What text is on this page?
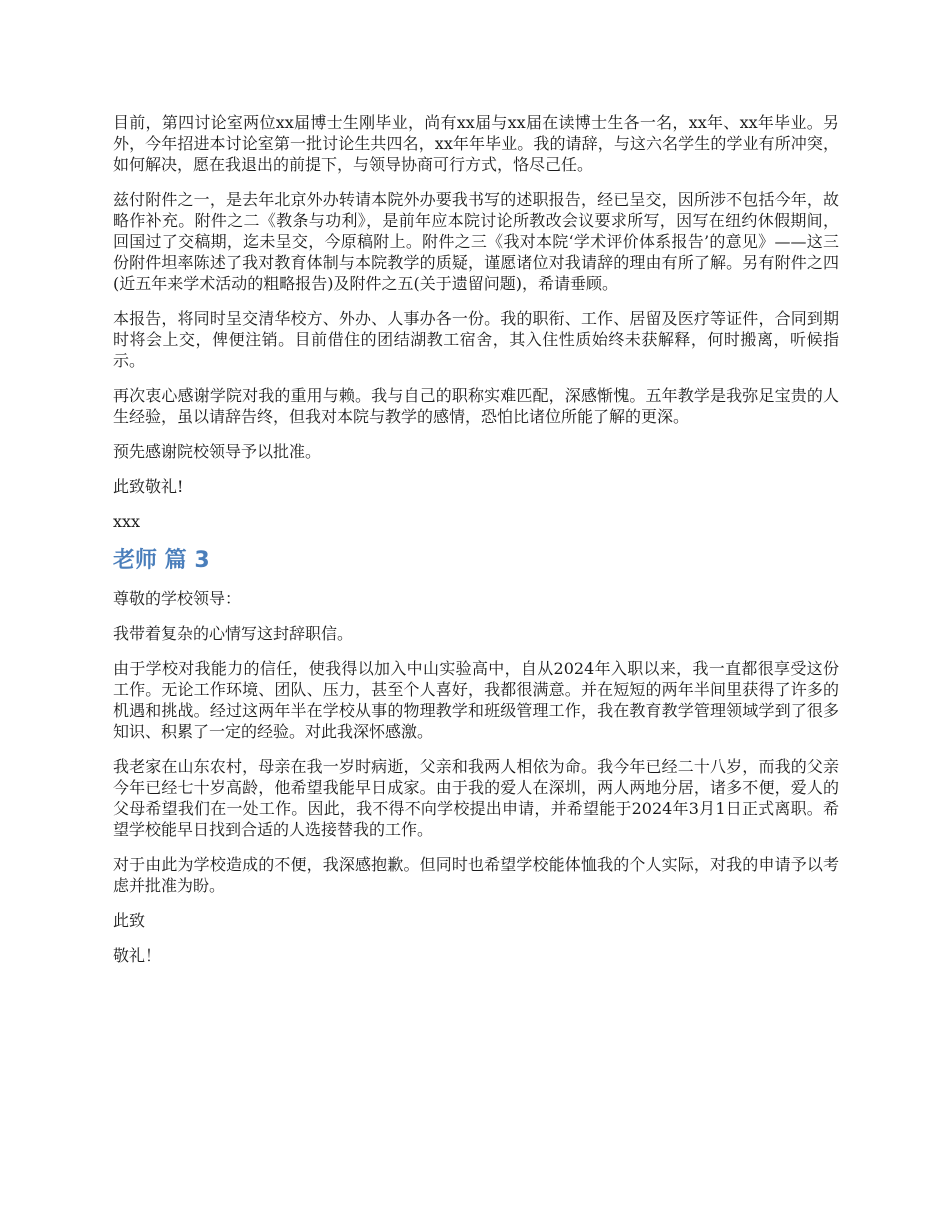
目前，第四讨论室两位xx届博士生刚毕业，尚有xx届与xx届在读博士生各一名，xx年、xx年毕业。另外，今年招进本讨论室第一批讨论生共四名，xx年年毕业。我的请辞，与这六名学生的学业有所冲突，如何解决，愿在我退出的前提下，与领导协商可行方式，恪尽己任。

兹付附件之一，是去年北京外办转请本院外办要我书写的述职报告，经已呈交，因所涉不包括今年，故略作补充。附件之二《教条与功利》，是前年应本院讨论所教改会议要求所写，因写在纽约休假期间，回国过了交稿期，迄未呈交，今原稿附上。附件之三《我对本院‘学术评价体系报告’的意见》——这三份附件坦率陈述了我对教育体制与本院教学的质疑，谨愿诸位对我请辞的理由有所了解。另有附件之四(近五年来学术活动的粗略报告)及附件之五(关于遗留问题)，希请垂顾。

本报告，将同时呈交清华校方、外办、人事办各一份。我的职衔、工作、居留及医疗等证件，合同到期时将会上交，俾便注销。目前借住的团结湖教工宿舍，其入住性质始终未获解释，何时搬离，听候指示。

再次衷心感谢学院对我的重用与赖。我与自己的职称实难匹配，深感惭愧。五年教学是我弥足宝贵的人生经验，虽以请辞告终，但我对本院与教学的感情，恐怕比诸位所能了解的更深。

预先感谢院校领导予以批准。

此致敬礼!

xxx

老师 篇 3

尊敬的学校领导：

我带着复杂的心情写这封辞职信。

由于学校对我能力的信任，使我得以加入中山实验高中，自从2024年入职以来，我一直都很享受这份工作。无论工作环境、团队、压力，甚至个人喜好，我都很满意。并在短短的两年半间里获得了许多的机遇和挑战。经过这两年半在学校从事的物理教学和班级管理工作，我在教育教学管理领域学到了很多知识、积累了一定的经验。对此我深怀感激。

我老家在山东农村，母亲在我一岁时病逝，父亲和我两人相依为命。我今年已经二十八岁，而我的父亲今年已经七十岁高龄，他希望我能早日成家。由于我的爱人在深圳，两人两地分居，诸多不便，爱人的父母希望我们在一处工作。因此，我不得不向学校提出申请，并希望能于2024年3月1日正式离职。希望学校能早日找到合适的人选接替我的工作。

对于由此为学校造成的不便，我深感抱歉。但同时也希望学校能体恤我的个人实际，对我的申请予以考虑并批准为盼。

此致

敬礼！
